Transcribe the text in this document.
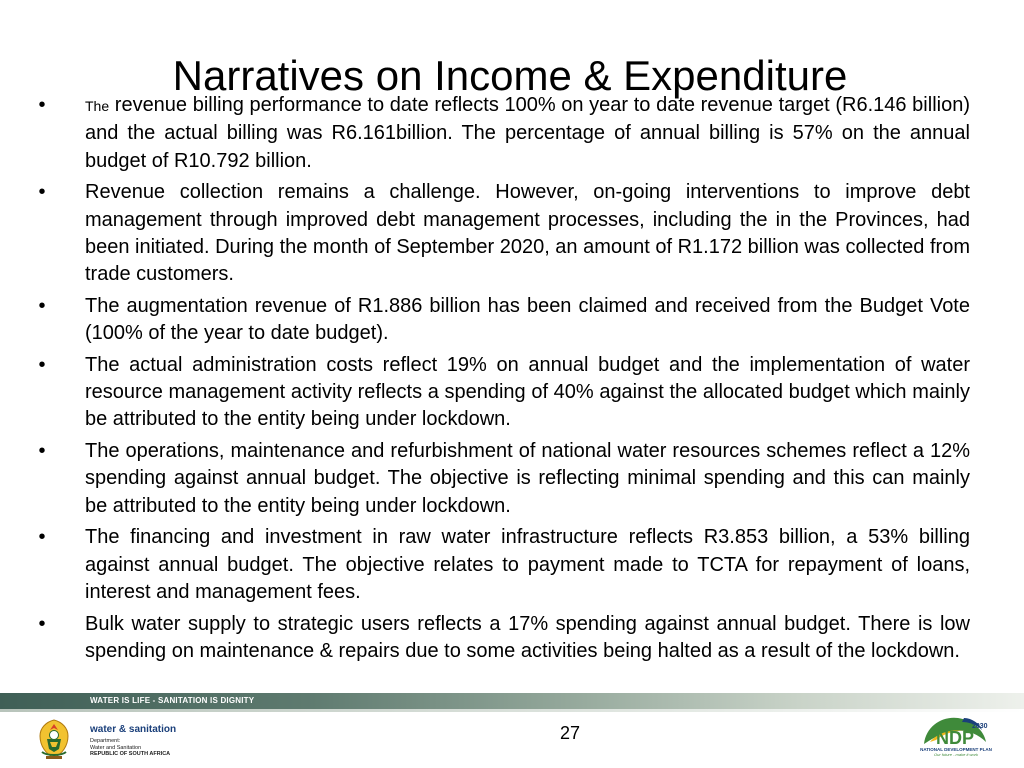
Narratives on Income & Expenditure
•	The revenue billing performance to date reflects 100% on year to date revenue target (R6.146 billion) and the actual billing was R6.161billion. The percentage of annual billing is 57% on the annual budget of R10.792 billion.
• Revenue collection remains a challenge. However, on-going interventions to improve debt management through improved debt management processes, including the in the Provinces, had been initiated. During the month of September 2020, an amount of R1.172 billion was collected from trade customers.
• The augmentation revenue of R1.886 billion has been claimed and received from the Budget Vote (100% of the year to date budget).
• The actual administration costs reflect 19% on annual budget and the implementation of water resource management activity reflects a spending of 40% against the allocated budget which mainly be attributed to the entity being under lockdown.
• The operations, maintenance and refurbishment of national water resources schemes reflect a 12% spending against annual budget. The objective is reflecting minimal spending and this can mainly be attributed to the entity being under lockdown.
• The financing and investment in raw water infrastructure reflects R3.853 billion, a 53% billing against annual budget. The objective relates to payment made to TCTA for repayment of loans, interest and management fees.
• Bulk water supply to strategic users reflects a 17% spending against annual budget. There is low spending on maintenance & repairs due to some activities being halted as a result of the lockdown.
WATER IS LIFE - SANITATION IS DIGNITY

water & sanitation

Department:

Water and Sanitation

REPUBLIC OF SOUTH AFRICA

27	2030
NDP

NATIONAL DEVELOPMENT PLAN

Our future - make it work
